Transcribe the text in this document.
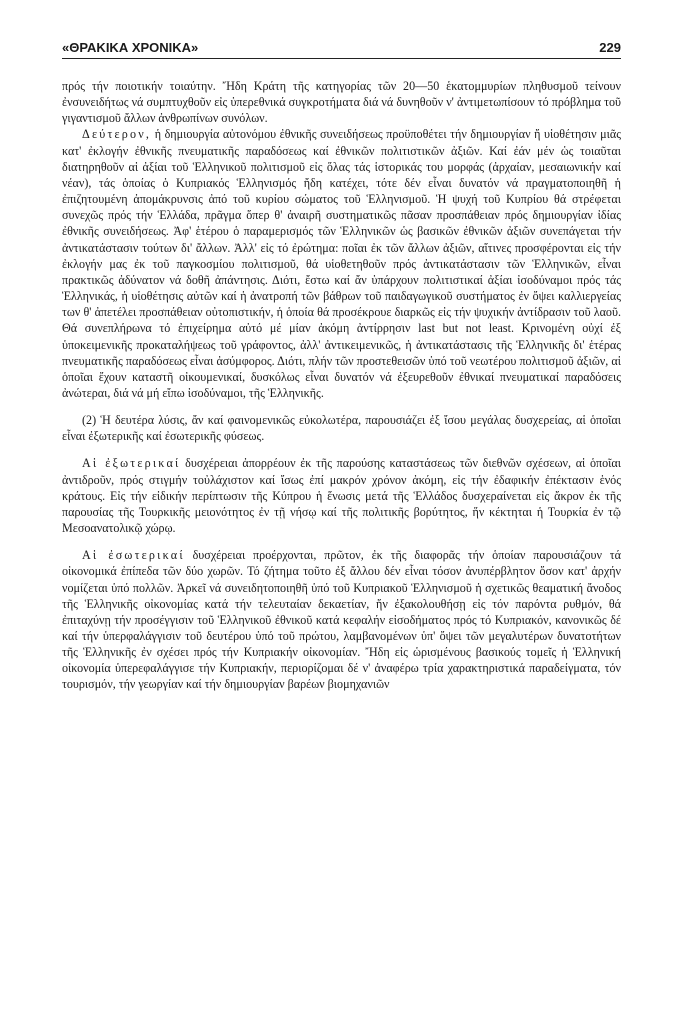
«ΘΡΑΚΙΚΑ ΧΡΟΝΙΚΑ»	229

πρός τήν ποιοτικήν τοιαύτην. Ἤδη Κράτη τῆς κατηγορίας τῶν 20—50 ἑκατομμυρίων πληθυσμοῦ τείνουν ἐνσυνειδήτως νά συμπτυχθοῦν εἰς ὑπερεθνικά συγκροτήματα διά νά δυνηθοῦν ν' ἀντιμετωπίσουν τό πρόβλημα τοῦ γιγαντισμοῦ ἄλλων ἀνθρωπίνων συνόλων.

Δεύτερον, ἡ δημιουργία αὐτονόμου ἐθνικῆς συνειδήσεως προϋποθέτει τήν δημιουργίαν ἤ υἱοθέτησιν μιᾶς κατ' ἐκλογήν ἐθνικῆς πνευματικῆς παραδόσεως καί ἐθνικῶν πολιτιστικῶν ἀξιῶν. Καί ἐάν μέν ὡς τοιαῦται διατηρηθοῦν αἱ ἀξίαι τοῦ Ἑλληνικοῦ πολιτισμοῦ εἰς ὅλας τάς ἱστορικάς του μορφάς (ἀρχαίαν, μεσαιωνικήν καί νέαν), τάς ὁποίας ὁ Κυπριακός Ἑλληνισμός ἤδη κατέχει, τότε δέν εἶναι δυνατόν νά πραγματοποιηθῆ ἡ ἐπιζητουμένη ἀπομάκρυνσις ἀπό τοῦ κυρίου σώματος τοῦ Ἑλληνισμοῦ. Ἡ ψυχή τοῦ Κυπρίου θά στρέφεται συνεχῶς πρός τήν Ἑλλάδα, πρᾶγμα ὅπερ θ' ἀναιρῆ συστηματικῶς πᾶσαν προσπάθειαν πρός δημιουργίαν ἰδίας ἐθνικῆς συνειδήσεως. Ἀφ' ἑτέρου ὁ παραμερισμός τῶν Ἑλληνικῶν ὡς βασικῶν ἐθνικῶν ἀξιῶν συνεπάγεται τήν ἀντικατάστασιν τούτων δι' ἄλλων. Ἀλλ' εἰς τό ἐρώτημα: ποῖαι ἐκ τῶν ἄλλων ἀξιῶν, αἵτινες προσφέρονται εἰς τήν ἐκλογήν μας ἐκ τοῦ παγκοσμίου πολιτισμοῦ, θά υἱοθετηθοῦν πρός ἀντικατάστασιν τῶν Ἑλληνικῶν, εἶναι πρακτικῶς ἀδύνατον νά δοθῆ ἀπάντησις. Διότι, ἔστω καί ἄν ὑπάρχουν πολιτιστικαί ἀξίαι ἰσοδύναμοι πρός τάς Ἑλληνικάς, ἡ υἱοθέτησις αὐτῶν καί ἡ ἀνατροπή τῶν βάθρων τοῦ παιδαγωγικοῦ συστήματος ἐν ὄψει καλλιεργείας των θ' ἀπετέλει προσπάθειαν οὐτοπιστικήν, ἡ ὁποία θά προσέκρουε διαρκῶς εἰς τήν ψυχικήν ἀντίδρασιν τοῦ λαοῦ. Θά συνεπλήρωνα τό ἐπιχείρημα αὐτό μέ μίαν ἀκόμη ἀντίρρησιν last but not least. Κρινομένη οὐχί ἐξ ὑποκειμενικῆς προκαταλήψεως τοῦ γράφοντος, ἀλλ' ἀντικειμενικῶς, ἡ ἀντικατάστασις τῆς Ἑλληνικῆς δι' ἑτέρας πνευματικῆς παραδόσεως εἶναι ἀσύμφορος. Διότι, πλήν τῶν προστεθεισῶν ὑπό τοῦ νεωτέρου πολιτισμοῦ ἀξιῶν, αἱ ὁποῖαι ἔχουν καταστῆ οἰκουμενικαί, δυσκόλως εἶναι δυνατόν νά ἐξευρεθοῦν ἐθνικαί πνευματικαί παραδόσεις ἀνώτεραι, διά νά μή εἴπω ἰσοδύναμοι, τῆς Ἑλληνικῆς.

(2) Ἡ δευτέρα λύσις, ἄν καί φαινομενικῶς εὐκολωτέρα, παρουσιάζει ἐξ ἴσου μεγάλας δυσχερείας, αἱ ὁποῖαι εἶναι ἐξωτερικῆς καί ἐσωτερικῆς φύσεως.

Αἱ ἐξωτερικαί δυσχέρειαι ἀπορρέουν ἐκ τῆς παρούσης καταστάσεως τῶν διεθνῶν σχέσεων, αἱ ὁποῖαι ἀντιδροῦν, πρός στιγμήν τοὐλάχιστον καί ἴσως ἐπί μακρόν χρόνον ἀκόμη, εἰς τήν ἐδαφικήν ἐπέκτασιν ἑνός κράτους. Εἰς τήν εἰδικήν περίπτωσιν τῆς Κύπρου ἡ ἕνωσις μετά τῆς Ἑλλάδος δυσχεραίνεται εἰς ἄκρον ἐκ τῆς παρουσίας τῆς Τουρκικῆς μειονότητος ἐν τῇ νήσῳ καί τῆς πολιτικῆς βορύτητος, ἥν κέκτηται ἡ Τουρκία ἐν τῷ Μεσοανατολικῷ χώρῳ.

Αἱ ἐσωτερικαί δυσχέρειαι προέρχονται, πρῶτον, ἐκ τῆς διαφορᾶς τήν ὁποίαν παρουσιάζουν τά οἰκονομικά ἐπίπεδα τῶν δύο χωρῶν. Τό ζήτημα τοῦτο ἐξ ἄλλου δέν εἶναι τόσον ἀνυπέρβλητον ὅσον κατ' ἀρχήν νομίζεται ὑπό πολλῶν. Ἀρκεῖ νά συνειδητοποιηθῆ ὑπό τοῦ Κυπριακοῦ Ἑλληνισμοῦ ἡ σχετικῶς θεαματική ἄνοδος τῆς Ἑλληνικῆς οἰκονομίας κατά τήν τελευταίαν δεκαετίαν, ἥν ἐξακολουθήσῃ εἰς τόν παρόντα ρυθμόν, θά ἐπιταχύνῃ τήν προσέγγισιν τοῦ Ἑλληνικοῦ ἐθνικοῦ κατά κεφαλήν εἰσοδήματος πρός τό Κυπριακόν, κανονικῶς δέ καί τήν ὑπερφαλάγγισιν τοῦ δευτέρου ὑπό τοῦ πρώτου, λαμβανομένων ὑπ' ὄψει τῶν μεγαλυτέρων δυνατοτήτων τῆς Ἑλληνικῆς ἐν σχέσει πρός τήν Κυπριακήν οἰκονομίαν. Ἤδη εἰς ὡρισμένους βασικούς τομεῖς ἡ Ἑλληνική οἰκονομία ὑπερεφαλάγγισε τήν Κυπριακήν, περιορίζομαι δέ ν' ἀναφέρω τρία χαρακτηριστικά παραδείγματα, τόν τουρισμόν, τήν γεωργίαν καί τήν δημιουργίαν βαρέων βιομηχανιῶν
